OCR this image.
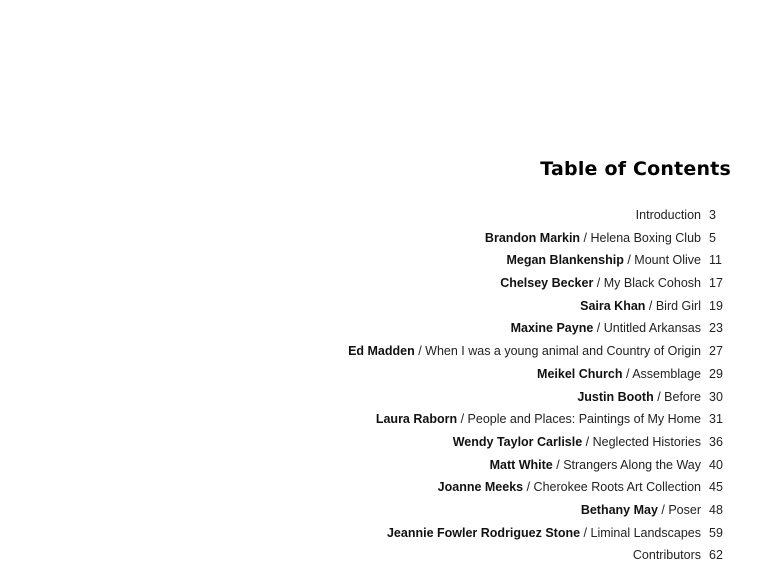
Table of Contents
Introduction 3
Brandon Markin / Helena Boxing Club 5
Megan Blankenship / Mount Olive 11
Chelsey Becker / My Black Cohosh 17
Saira Khan / Bird Girl 19
Maxine Payne / Untitled Arkansas 23
Ed Madden / When I was a young animal and Country of Origin 27
Meikel Church / Assemblage 29
Justin Booth / Before 30
Laura Raborn / People and Places: Paintings of My Home 31
Wendy Taylor Carlisle / Neglected Histories 36
Matt White / Strangers Along the Way 40
Joanne Meeks / Cherokee Roots Art Collection 45
Bethany May / Poser 48
Jeannie Fowler Rodriguez Stone / Liminal Landscapes 59
Contributors 62
